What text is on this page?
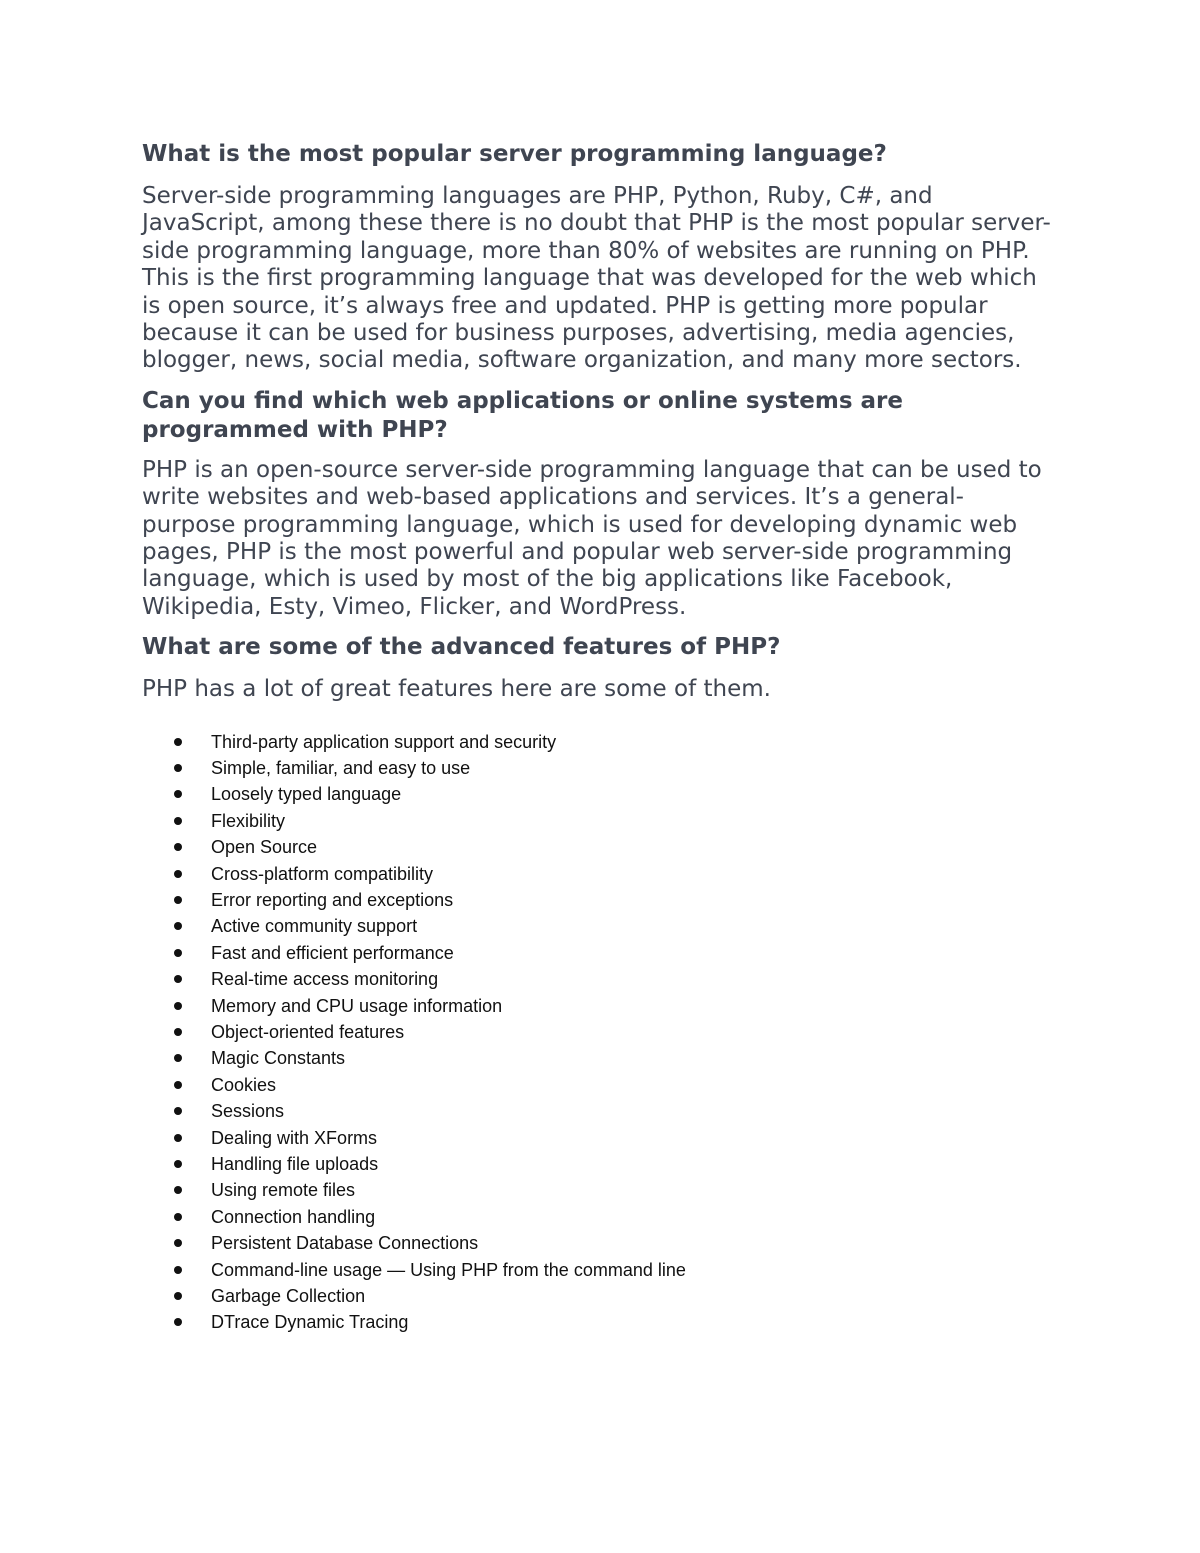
What is the most popular server programming language?

Server-side programming languages are PHP, Python, Ruby, C#, and JavaScript, among these there is no doubt that PHP is the most popular server-side programming language, more than 80% of websites are running on PHP. This is the first programming language that was developed for the web which is open source, it’s always free and updated. PHP is getting more popular because it can be used for business purposes, advertising, media agencies, blogger, news, social media, software organization, and many more sectors.

Can you find which web applications or online systems are programmed with PHP?

PHP is an open-source server-side programming language that can be used to write websites and web-based applications and services. It’s a general-purpose programming language, which is used for developing dynamic web pages, PHP is the most powerful and popular web server-side programming language, which is used by most of the big applications like Facebook, Wikipedia, Esty, Vimeo, Flicker, and WordPress.

What are some of the advanced features of PHP?

PHP has a lot of great features here are some of them.

Third-party application support and security
Simple, familiar, and easy to use
Loosely typed language
Flexibility
Open Source
Cross-platform compatibility
Error reporting and exceptions
Active community support
Fast and efficient performance
Real-time access monitoring
Memory and CPU usage information
Object-oriented features
Magic Constants
Cookies
Sessions
Dealing with XForms
Handling file uploads
Using remote files
Connection handling
Persistent Database Connections
Command-line usage — Using PHP from the command line
Garbage Collection
DTrace Dynamic Tracing
